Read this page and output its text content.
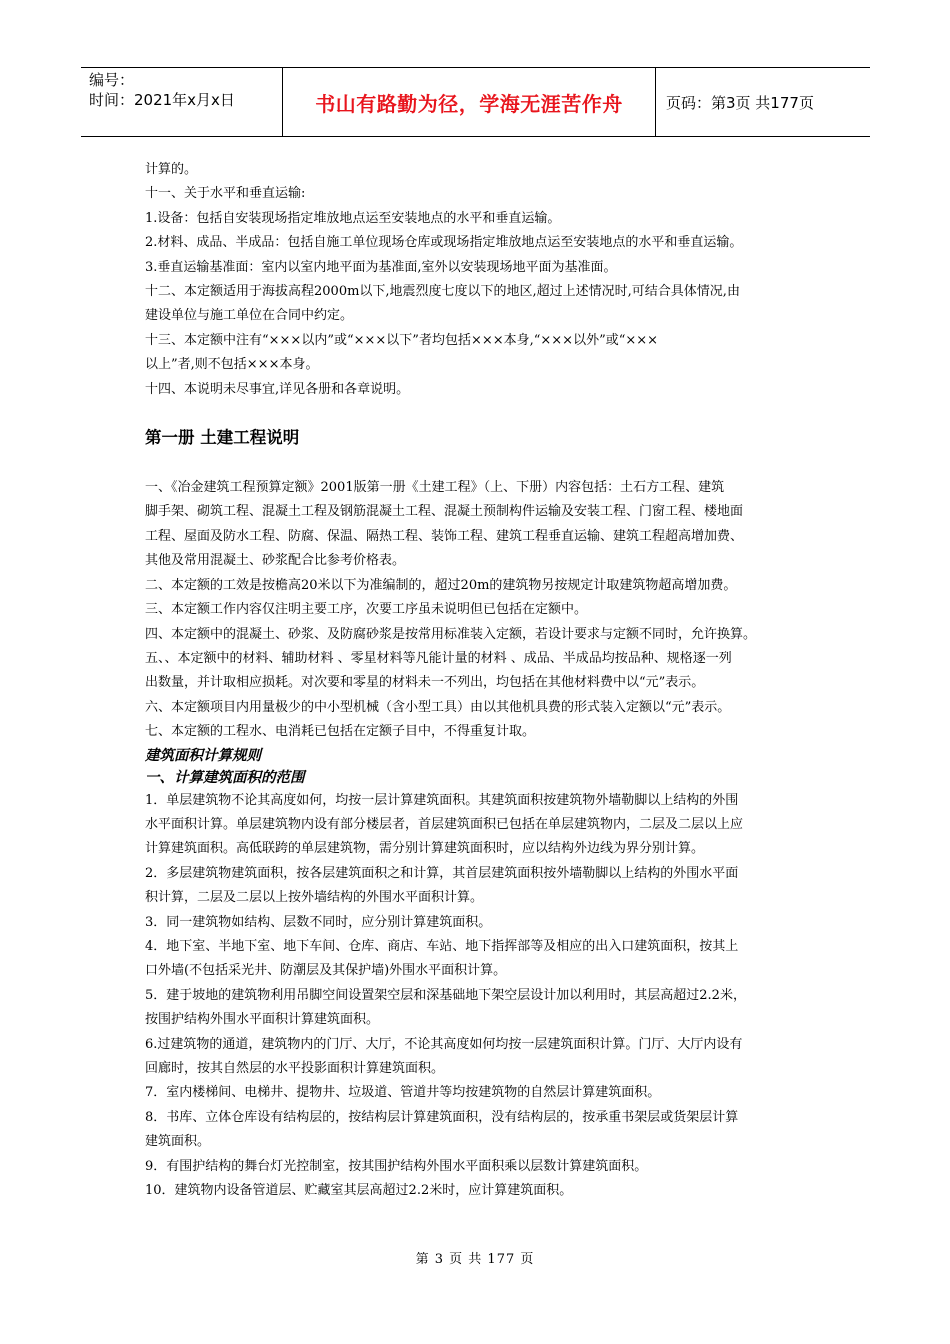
编号：
时间：2021年x月x日	书山有路勤为径，学海无涯苦作舟	页码：第3页 共177页
计算的。
十一、关于水平和垂直运输:
1.设备：包括自安装现场指定堆放地点运至安装地点的水平和垂直运输。
2.材料、成品、半成品：包括自施工单位现场仓库或现场指定堆放地点运至安装地点的水平和垂直运输。
3.垂直运输基准面：室内以室内地平面为基准面,室外以安装现场地平面为基准面。
十二、本定额适用于海拔高程2000m以下,地震烈度七度以下的地区,超过上述情况时,可结合具体情况,由
建设单位与施工单位在合同中约定。
十三、本定额中注有“×××以内”或“×××以下”者均包括×××本身,“×××以外”或“×××
以上”者,则不包括×××本身。
十四、本说明未尽事宜,详见各册和各章说明。
第一册 土建工程说明
一、《冶金建筑工程预算定额》2001版第一册《土建工程》（上、下册）内容包括：土石方工程、建筑
脚手架、砌筑工程、混凝土工程及钢筋混凝土工程、混凝土预制构件运输及安装工程、门窗工程、楼地面
工程、屋面及防水工程、防腐、保温、隔热工程、装饰工程、建筑工程垂直运输、建筑工程超高增加费、
其他及常用混凝土、砂浆配合比参考价格表。
二、本定额的工效是按檐高20米以下为准编制的，超过20m的建筑物另按规定计取建筑物超高增加费。
三、本定额工作内容仅注明主要工序，次要工序虽未说明但已包括在定额中。
四、本定额中的混凝土、砂浆、及防腐砂浆是按常用标准装入定额，若设计要求与定额不同时，允许换算。
五、、本定额中的材料、辅助材料 、零星材料等凡能计量的材料 、成品、半成品均按品种、规格逐一列
出数量，并计取相应损耗。对次要和零星的材料未一不列出，均包括在其他材料费中以“元”表示。
六、本定额项目内用量极少的中小型机械（含小型工具）由以其他机具费的形式装入定额以“元”表示。
七、本定额的工程水、电消耗已包括在定额子目中，不得重复计取。
建筑面积计算规则
一、计算建筑面积的范围
1．单层建筑物不论其高度如何，均按一层计算建筑面积。其建筑面积按建筑物外墙勒脚以上结构的外围
水平面积计算。单层建筑物内设有部分楼层者，首层建筑面积已包括在单层建筑物内，二层及二层以上应
计算建筑面积。高低联跨的单层建筑物，需分别计算建筑面积时，应以结构外边线为界分别计算。
2．多层建筑物建筑面积，按各层建筑面积之和计算，其首层建筑面积按外墙勒脚以上结构的外围水平面
积计算，二层及二层以上按外墙结构的外围水平面积计算。
3．同一建筑物如结构、层数不同时，应分别计算建筑面积。
4．地下室、半地下室、地下车间、仓库、商店、车站、地下指挥部等及相应的出入口建筑面积，按其上
口外墙(不包括采光井、防潮层及其保护墙)外围水平面积计算。
5．建于坡地的建筑物利用吊脚空间设置架空层和深基础地下架空层设计加以利用时，其层高超过2.2米，
按围护结构外围水平面积计算建筑面积。
6.过建筑物的通道，建筑物内的门厅、大厅，不论其高度如何均按一层建筑面积计算。门厅、大厅内设有
回廊时，按其自然层的水平投影面积计算建筑面积。
7．室内楼梯间、电梯井、提物井、垃圾道、管道井等均按建筑物的自然层计算建筑面积。
8．书库、立体仓库设有结构层的，按结构层计算建筑面积，没有结构层的，按承重书架层或货架层计算
建筑面积。
9．有围护结构的舞台灯光控制室，按其围护结构外围水平面积乘以层数计算建筑面积。
10．建筑物内设备管道层、贮藏室其层高超过2.2米时，应计算建筑面积。
第 3 页 共 177 页
